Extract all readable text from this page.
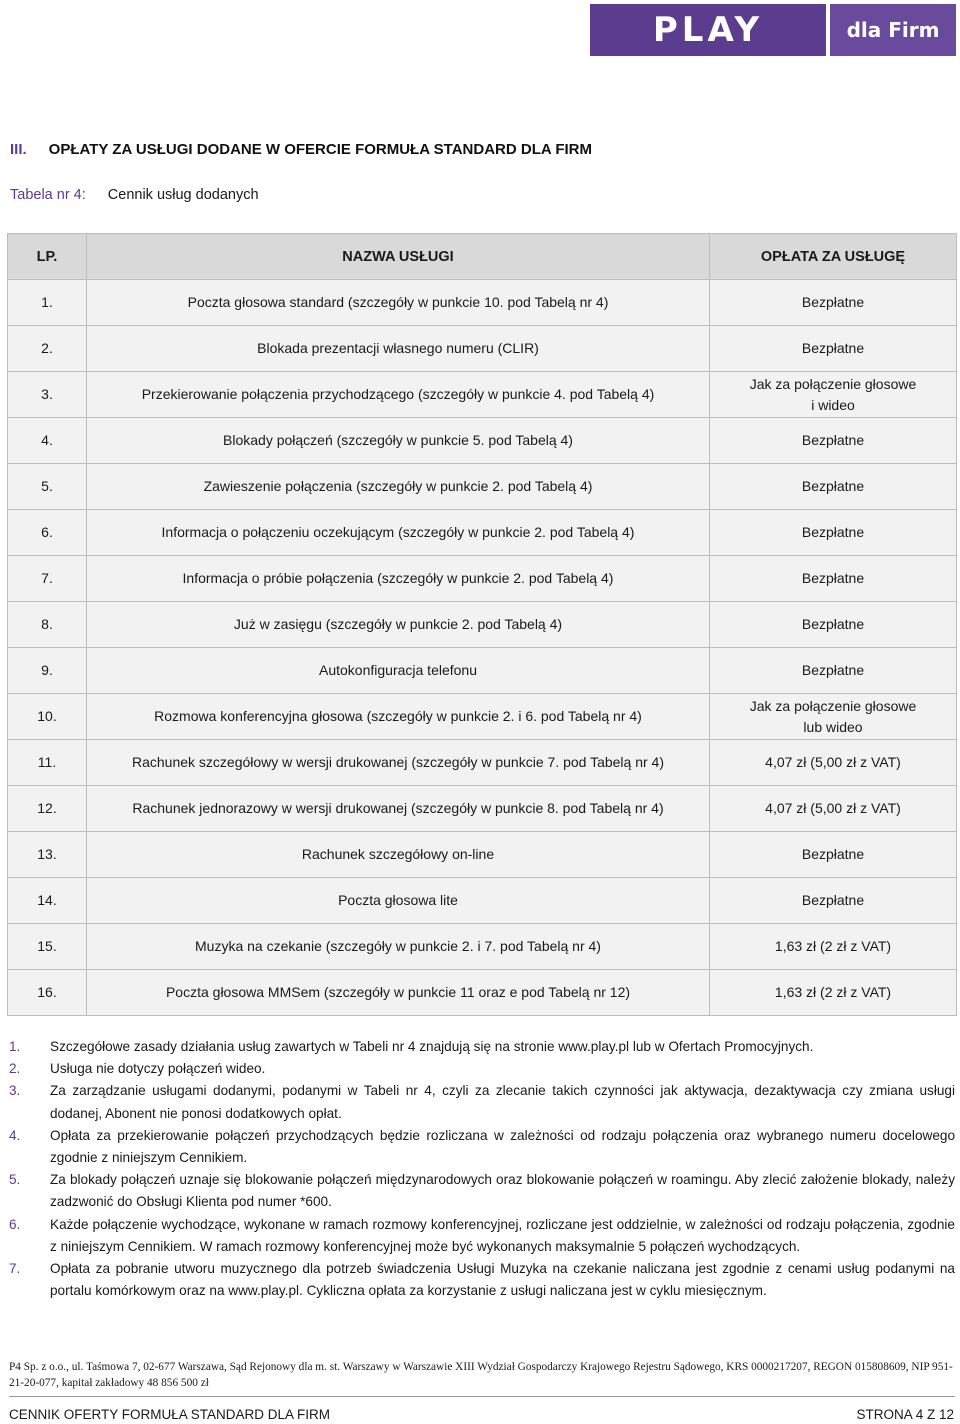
PLAY	dla Firm
III. OPŁATY ZA USŁUGI DODANE W OFERCIE FORMUŁA STANDARD DLA FIRM
Tabela nr 4: Cennik usług dodanych
LP.	NAZWA USŁUGI	OPŁATA ZA USŁUGĘ
1.	Poczta głosowa standard (szczegóły w punkcie 10. pod Tabelą nr 4)	Bezpłatne
2.	Blokada prezentacji własnego numeru (CLIR)	Bezpłatne
3.	Przekierowanie połączenia przychodzącego (szczegóły w punkcie 4. pod Tabelą 4)	Jak za połączenie głosowe
i wideo
4.	Blokady połączeń (szczegóły w punkcie 5. pod Tabelą 4)	Bezpłatne
5.	Zawieszenie połączenia (szczegóły w punkcie 2. pod Tabelą 4)	Bezpłatne
6.	Informacja o połączeniu oczekującym (szczegóły w punkcie 2. pod Tabelą 4)	Bezpłatne
7.	Informacja o próbie połączenia (szczegóły w punkcie 2. pod Tabelą 4)	Bezpłatne
8.	Już w zasięgu (szczegóły w punkcie 2. pod Tabelą 4)	Bezpłatne
9.	Autokonfiguracja telefonu	Bezpłatne
10.	Rozmowa konferencyjna głosowa (szczegóły w punkcie 2. i 6. pod Tabelą nr 4)	Jak za połączenie głosowe
lub wideo
11.	Rachunek szczegółowy w wersji drukowanej (szczegóły w punkcie 7. pod Tabelą nr 4)	4,07 zł (5,00 zł z VAT)
12.	Rachunek jednorazowy w wersji drukowanej (szczegóły w punkcie 8. pod Tabelą nr 4)	4,07 zł (5,00 zł z VAT)
13.	Rachunek szczegółowy on-line	Bezpłatne
14.	Poczta głosowa lite	Bezpłatne
15.	Muzyka na czekanie (szczegóły w punkcie 2. i 7. pod Tabelą nr 4)	1,63 zł (2 zł z VAT)
16.	Poczta głosowa MMSem (szczegóły w punkcie 11 oraz e pod Tabelą nr 12)	1,63 zł (2 zł z VAT)
1.	Szczegółowe zasady działania usług zawartych w Tabeli nr 4 znajdują się na stronie www.play.pl lub w Ofertach Promocyjnych.
2.	Usługa nie dotyczy połączeń wideo.
3.	Za zarządzanie usługami dodanymi, podanymi w Tabeli nr 4, czyli za zlecanie takich czynności jak aktywacja, dezaktywacja czy zmiana usługi dodanej, Abonent nie ponosi dodatkowych opłat.
4.	Opłata za przekierowanie połączeń przychodzących będzie rozliczana w zależności od rodzaju połączenia oraz wybranego numeru docelowego zgodnie z niniejszym Cennikiem.
5.	Za blokady połączeń uznaje się blokowanie połączeń międzynarodowych oraz blokowanie połączeń w roamingu. Aby zlecić założenie blokady, należy zadzwonić do Obsługi Klienta pod numer *600.
6.	Każde połączenie wychodzące, wykonane w ramach rozmowy konferencyjnej, rozliczane jest oddzielnie, w zależności od rodzaju połączenia, zgodnie z niniejszym Cennikiem. W ramach rozmowy konferencyjnej może być wykonanych maksymalnie 5 połączeń wychodzących.
7.	Opłata za pobranie utworu muzycznego dla potrzeb świadczenia Usługi Muzyka na czekanie naliczana jest zgodnie z cenami usług podanymi na portalu komórkowym oraz na www.play.pl. Cykliczna opłata za korzystanie z usługi naliczana jest w cyklu miesięcznym.
P4 Sp. z o.o., ul. Taśmowa 7, 02-677 Warszawa, Sąd Rejonowy dla m. st. Warszawy w Warszawie XIII Wydział Gospodarczy Krajowego Rejestru Sądowego, KRS 0000217207, REGON 015808609, NIP 951-21-20-077, kapitał zakładowy 48 856 500 zł
CENNIK OFERTY FORMUŁA STANDARD DLA FIRM	STRONA 4 Z 12
